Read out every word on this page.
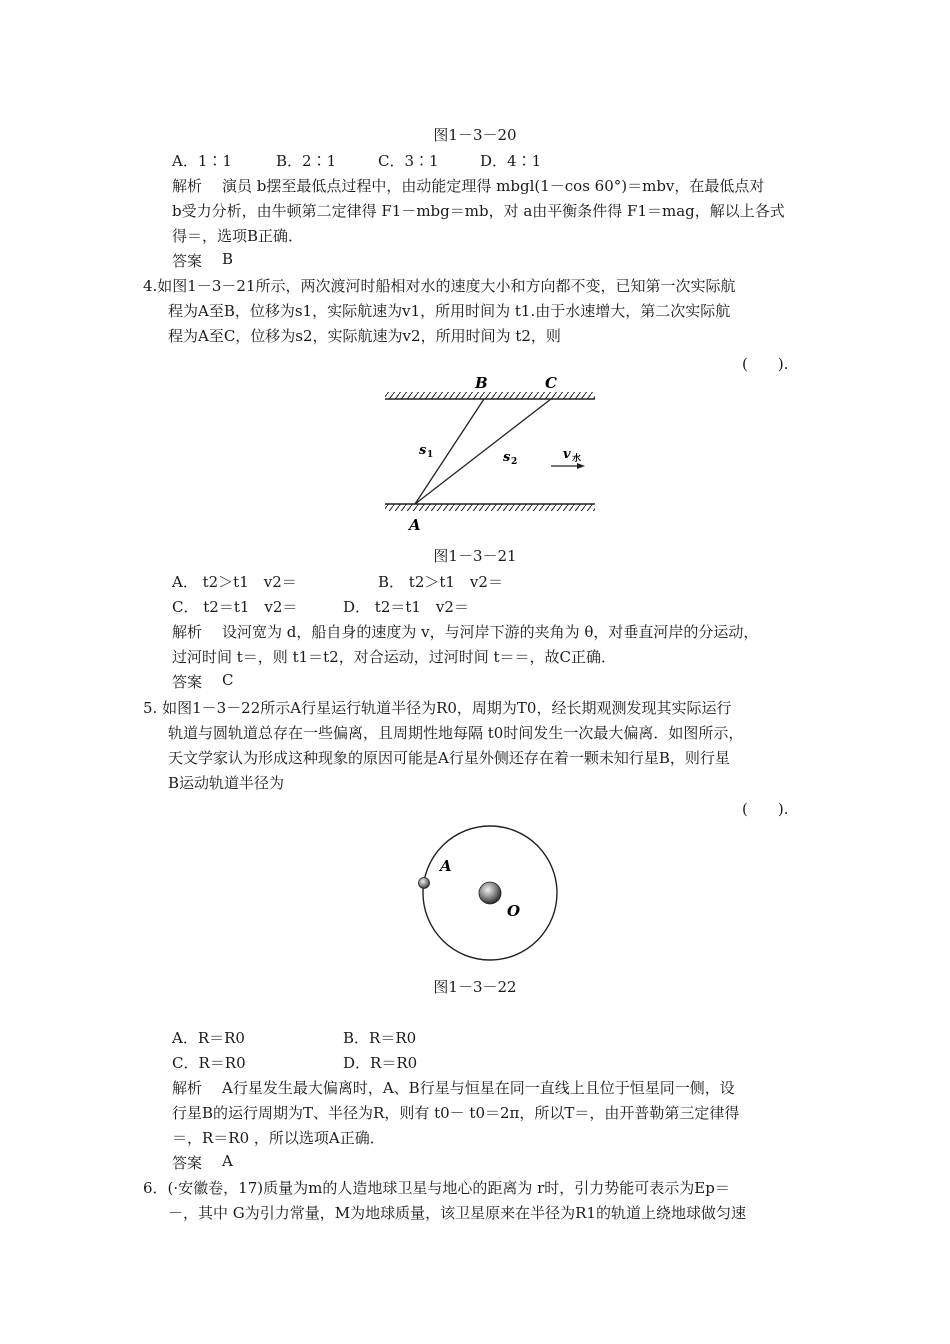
图1－3－20
A．1∶1	B．2∶1	C．3∶1	D．4∶1
解析 演员 b摆至最低点过程中，由动能定理得 mbgl(1－cos 60°)＝mbv，在最低点对
b受力分析，由牛顿第二定律得 F1－mbg＝mb，对 a由平衡条件得 F1＝mag，解以上各式
得＝，选项B正确．
答案 B
4.如图1－3－21所示，两次渡河时船相对水的速度大小和方向都不变，已知第一次实际航
程为A至B，位移为s1，实际航速为v1，所用时间为 t1.由于水速增大，第二次实际航
程为A至C，位移为s2，实际航速为v2，所用时间为 t2，则
(　　).
B	C
A
s 1	s 2	v 水
图1－3－21
A． t2＞t1　v2＝	B． t2＞t1　v2＝
C． t2＝t1　v2＝	D． t2＝t1　v2＝
解析 设河宽为 d，船自身的速度为 v，与河岸下游的夹角为 θ，对垂直河岸的分运动，
过河时间 t＝，则 t1＝t2，对合运动，过河时间 t＝＝，故C正确．
答案 C
5. 如图1－3－22所示A行星运行轨道半径为R0，周期为T0，经长期观测发现其实际运行
轨道与圆轨道总存在一些偏离，且周期性地每隔 t0时间发生一次最大偏离．如图所示，
天文学家认为形成这种现象的原因可能是A行星外侧还存在着一颗未知行星B，则行星
B运动轨道半径为
(　　).
A
O
图1－3－22
A．R＝R0	B．R＝R0
C．R＝R0	D．R＝R0
解析 A行星发生最大偏离时，A、B行星与恒星在同一直线上且位于恒星同一侧，设
行星B的运行周期为T、半径为R，则有 t0－ t0＝2π，所以T＝，由开普勒第三定律得
＝，R＝R0 ，所以选项A正确．
答案 A
6．(·安徽卷，17)质量为m的人造地球卫星与地心的距离为 r时，引力势能可表示为Ep＝
－，其中 G为引力常量，M为地球质量，该卫星原来在半径为R1的轨道上绕地球做匀速
